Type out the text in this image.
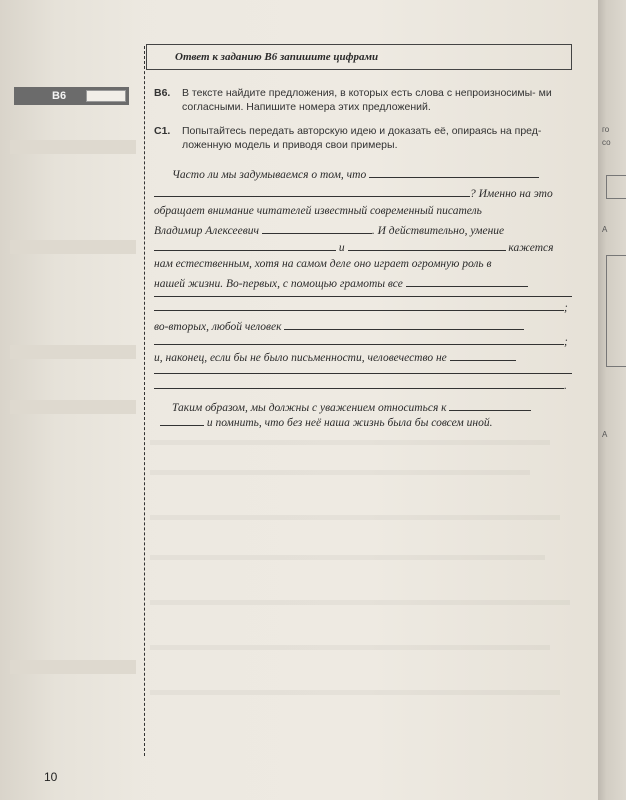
го
со
А
А
Ответ к заданию В6 запишите цифрами
В6	В6.	В тексте найдите предложения, в которых есть слова с непроизносимы- ми согласными. Напишите номера этих предложений.
С1.	Попытайтесь передать авторскую идею и доказать её, опираясь на пред- ложенную модель и приводя свои примеры.
Часто ли мы задумываемся о том, что
? Именно на это
обращает внимание читателей известный современный писатель
Владимир Алексеевич	. И действительно, умение
и	кажется
нам естественным, хотя на самом деле оно играет огромную роль в
нашей жизни. Во-первых, с помощью грамоты все
;
во-вторых, любой человек
;
и, наконец, если бы не было письменности, человечество не
.
Таким образом, мы должны с уважением относиться к
и помнить, что без неё наша жизнь была бы совсем иной.
10
